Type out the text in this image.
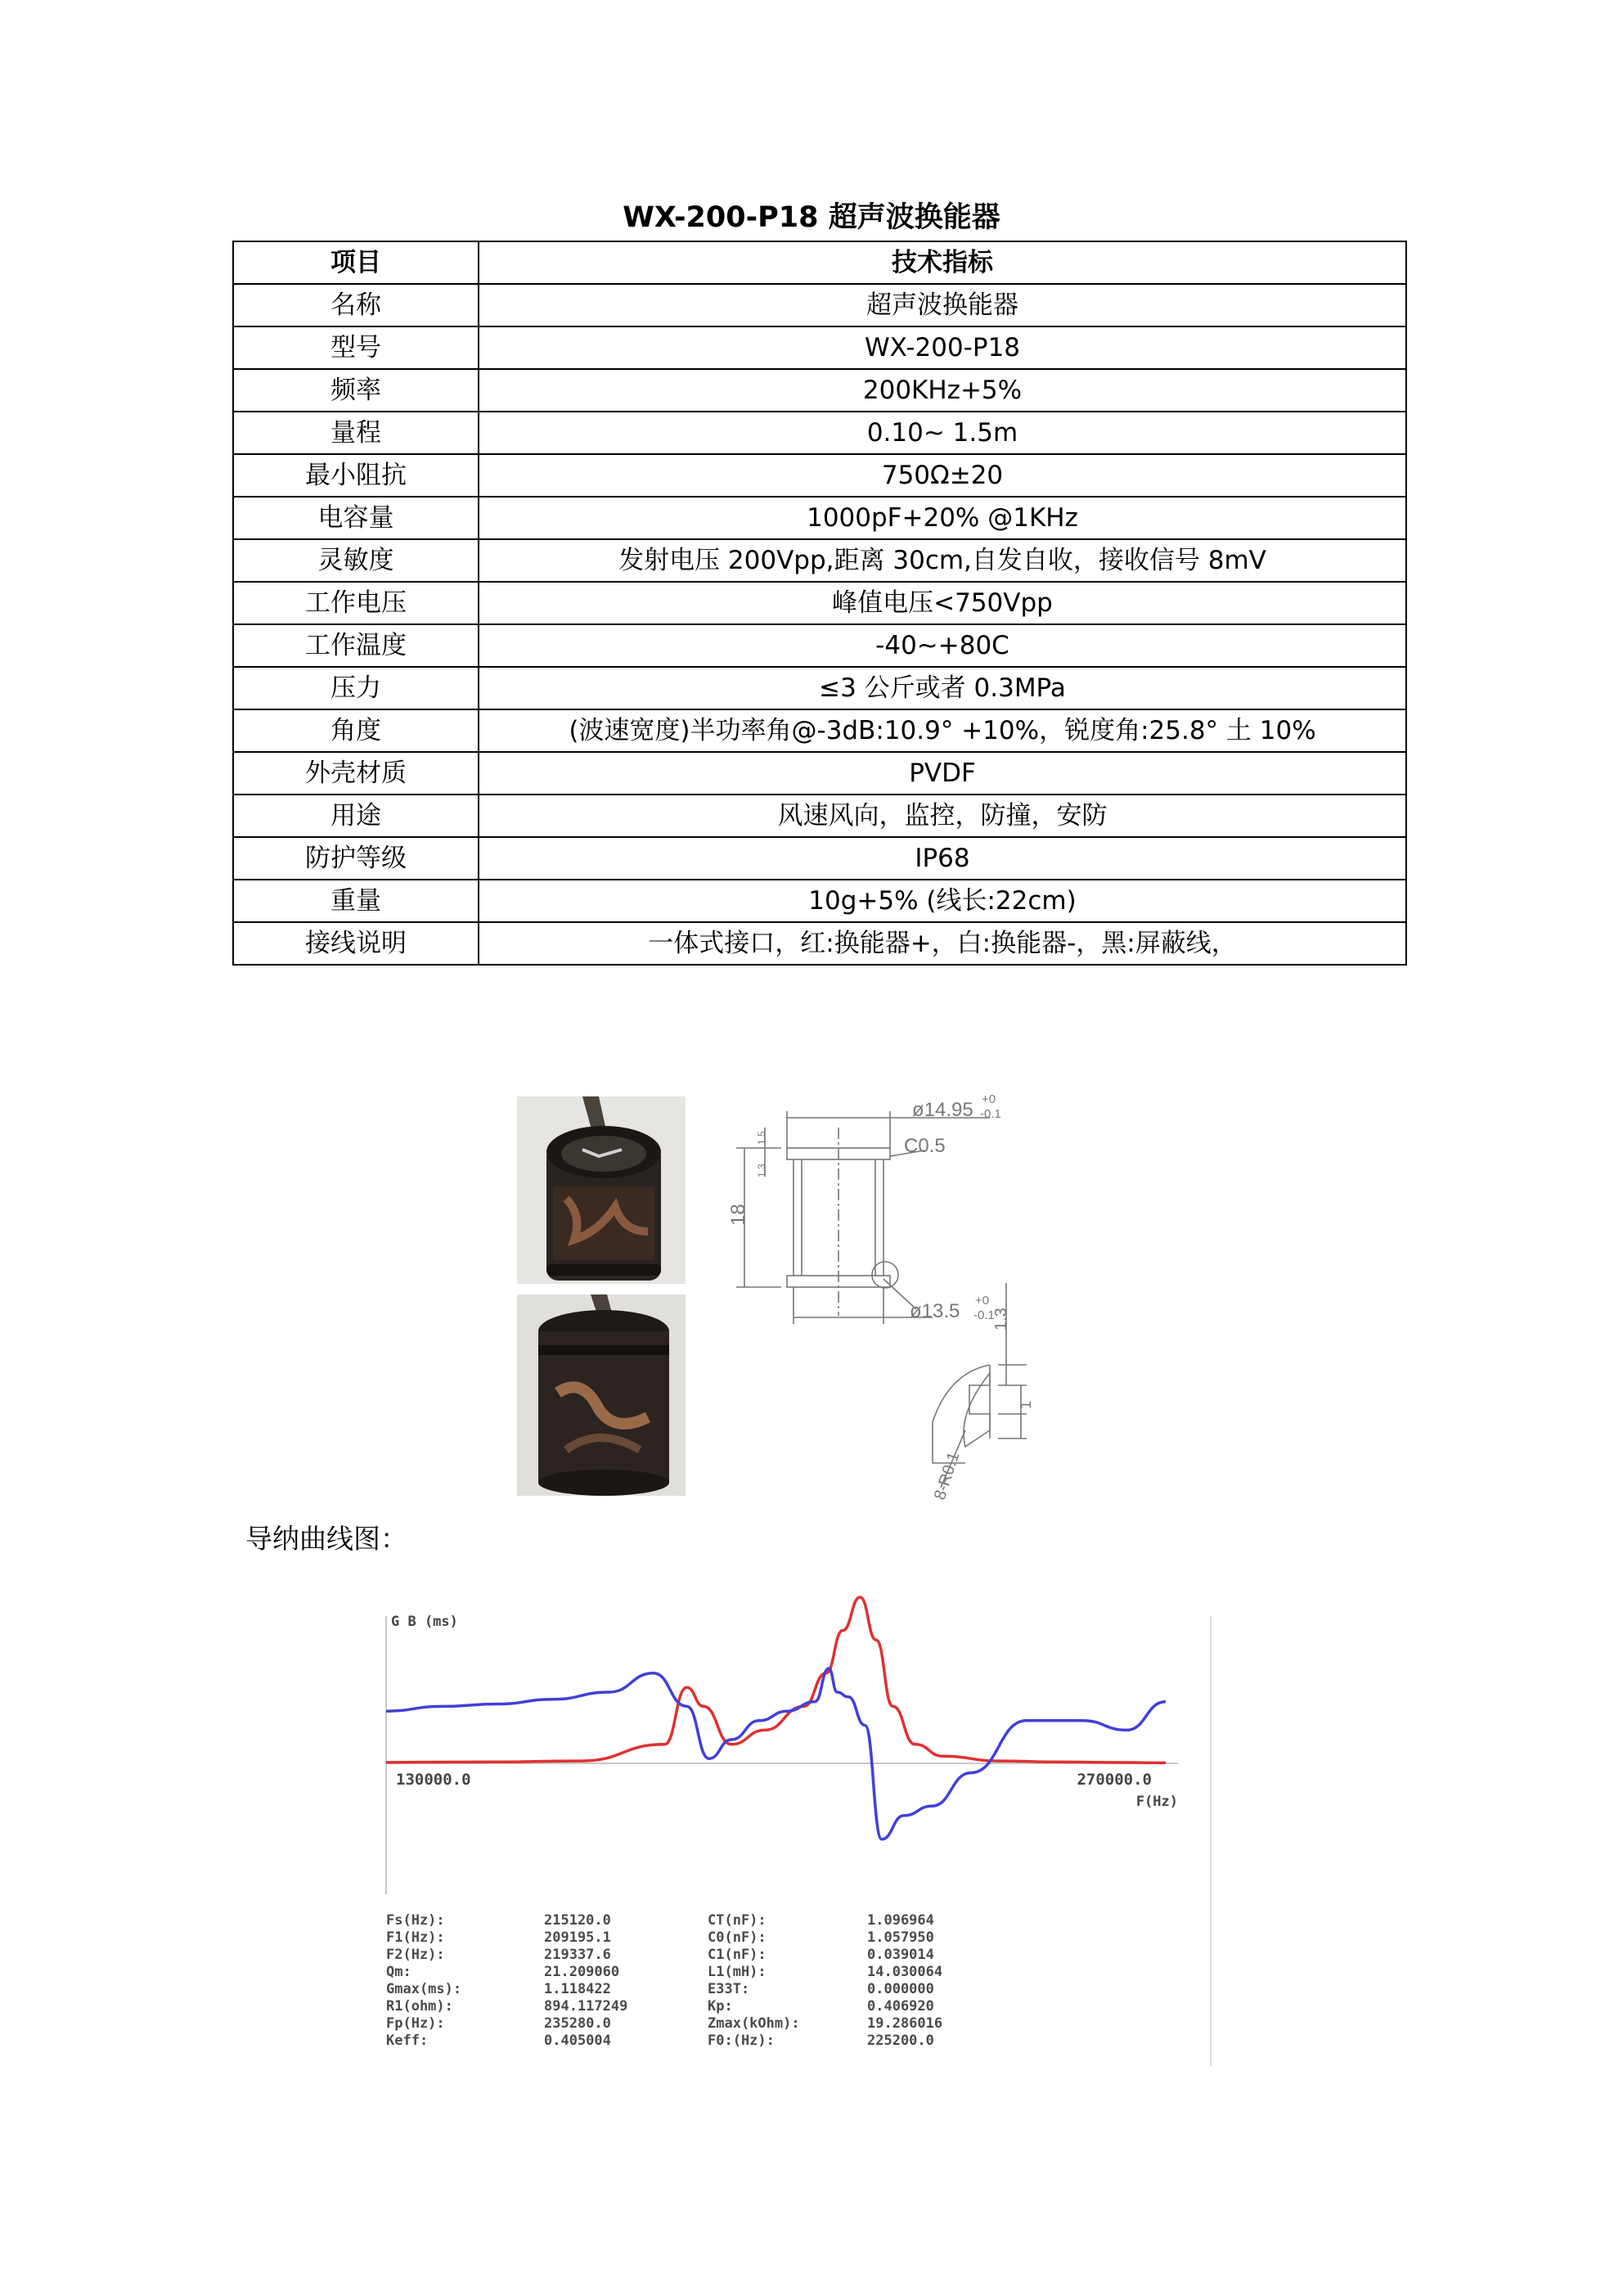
WX-200-P18 超声波换能器
项目	技术指标
名称	超声波换能器
型号	WX-200-P18
频率	200KHz+5%
量程	0.10~ 1.5m
最小阻抗	750Ω±20
电容量	1000pF+20% @1KHz
灵敏度	发射电压 200Vpp,距离 30cm,自发自收，接收信号 8mV
工作电压	峰值电压<750Vpp
工作温度	-40~+80C
压力	≤3 公斤或者 0.3MPa
角度	(波速宽度)半功率角@-3dB:10.9° +10%，锐度角:25.8° 土 10%
外壳材质	PVDF
用途	风速风向，监控，防撞，安防
防护等级	IP68
重量	10g+5% (线长:22cm)
接线说明	一体式接口，红:换能器+，白:换能器-，黑:屏蔽线，
ø14.95 +0
-0.1
C0.5
18
1.5
1.3
ø13.5 +0
-0.1
1.3
1
8-R0.1

导纳曲线图：

G B (ms)
130000.0	270000.0
F(Hz)
Fs(Hz):	215120.0
F1(Hz):	209195.1
F2(Hz):	219337.6
Qm:	21.209060
Gmax(ms):	1.118422
R1(ohm):	894.117249
Fp(Hz):	235280.0
Keff:	0.405004
CT(nF):	1.096964
C0(nF):	1.057950
C1(nF):	0.039014
L1(mH):	14.030064
E33T:	0.000000
Kp:	0.406920
Zmax(kOhm):	19.286016
F0:(Hz):	225200.0
